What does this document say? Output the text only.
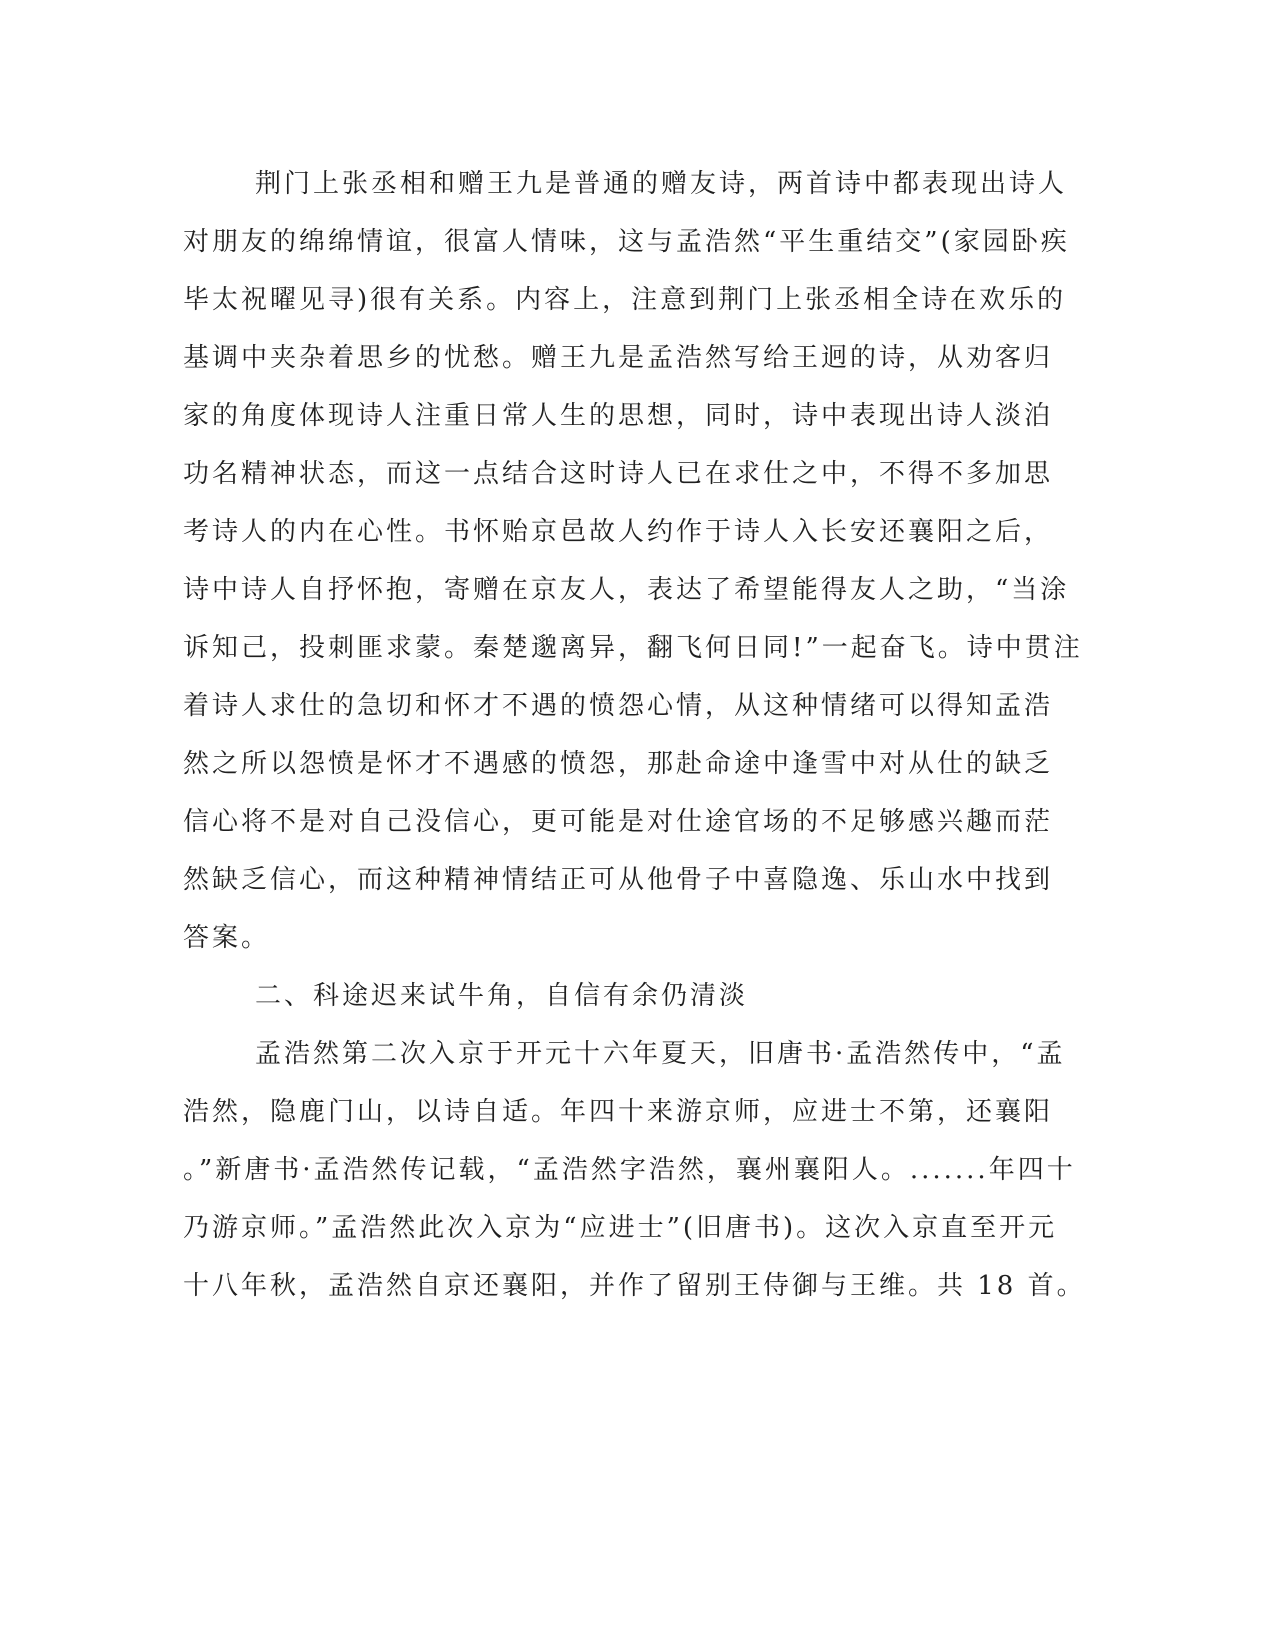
荆门上张丞相和赠王九是普通的赠友诗，两首诗中都表现出诗人
对朋友的绵绵情谊，很富人情味，这与孟浩然“平生重结交”(家园卧疾
毕太祝曜见寻)很有关系。内容上，注意到荆门上张丞相全诗在欢乐的
基调中夹杂着思乡的忧愁。赠王九是孟浩然写给王迥的诗，从劝客归
家的角度体现诗人注重日常人生的思想，同时，诗中表现出诗人淡泊
功名精神状态，而这一点结合这时诗人已在求仕之中，不得不多加思
考诗人的内在心性。书怀贻京邑故人约作于诗人入长安还襄阳之后，
诗中诗人自抒怀抱，寄赠在京友人，表达了希望能得友人之助，“当涂
诉知己，投刺匪求蒙。秦楚邈离异，翻飞何日同!”一起奋飞。诗中贯注
着诗人求仕的急切和怀才不遇的愤怨心情，从这种情绪可以得知孟浩
然之所以怨愤是怀才不遇感的愤怨，那赴命途中逢雪中对从仕的缺乏
信心将不是对自己没信心，更可能是对仕途官场的不足够感兴趣而茫
然缺乏信心，而这种精神情结正可从他骨子中喜隐逸、乐山水中找到
答案。
二、科途迟来试牛角，自信有余仍清淡
孟浩然第二次入京于开元十六年夏天，旧唐书·孟浩然传中，“孟
浩然，隐鹿门山，以诗自适。年四十来游京师，应进士不第，还襄阳
。”新唐书·孟浩然传记载，“孟浩然字浩然，襄州襄阳人。.......年四十
乃游京师。”孟浩然此次入京为“应进士”(旧唐书)。这次入京直至开元
十八年秋，孟浩然自京还襄阳，并作了留别王侍御与王维。共 18 首。
